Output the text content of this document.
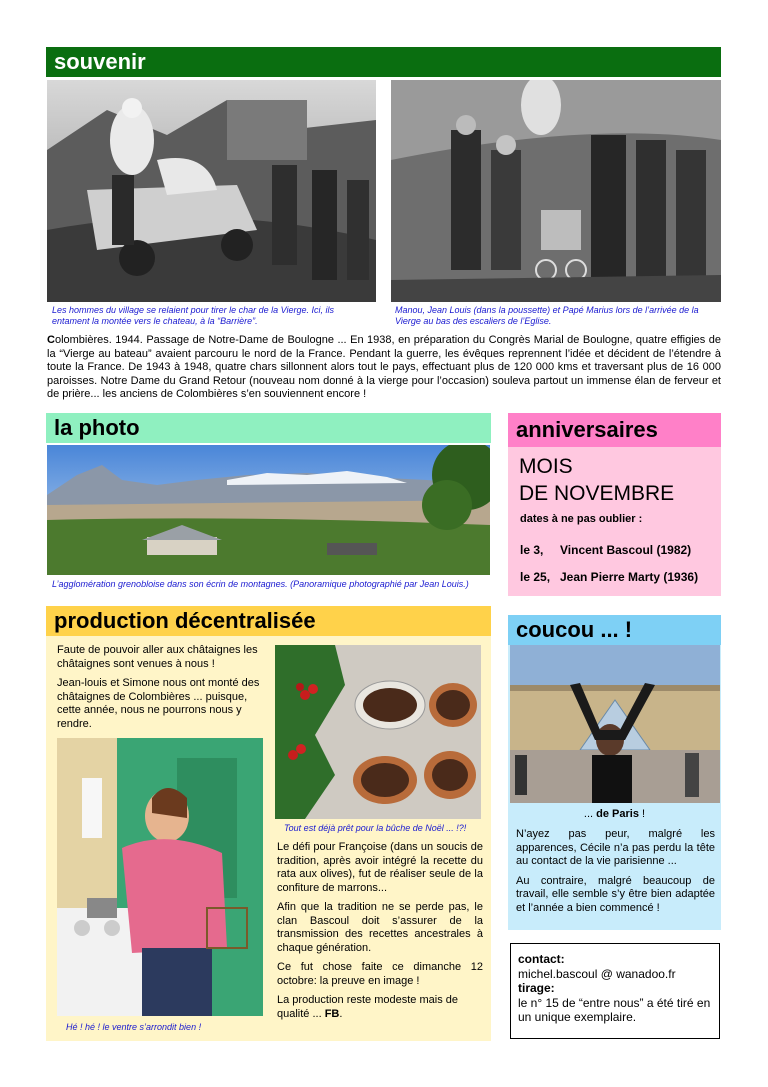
souvenir
Les hommes du village se relaient pour tirer le char de la Vierge. Ici, ils entament la montée vers le chateau, à la “Barrière”.
Manou, Jean Louis (dans la poussette) et Papé Marius lors de l’arrivée de la Vierge au bas des escaliers de l’Eglise.
Colombières. 1944. Passage de Notre-Dame de Boulogne ... En 1938, en préparation du Congrès Marial de Boulogne, quatre effigies de la “Vierge au bateau” avaient parcouru le nord de la France. Pendant la guerre, les évêques reprennent l’idée et décident de l’étendre à toute la France. De 1943 à 1948, quatre chars sillonnent alors tout le pays, effectuant plus de 120 000 kms et traversant plus de 16 000 paroisses. Notre Dame du Grand Retour (nouveau nom donné à la vierge pour l’occasion) souleva partout un immense élan de ferveur et de prière... les anciens de Colombières s’en souviennent encore !
la photo
L’agglomération grenobloise dans son écrin de montagnes. (Panoramique photographié par Jean Louis.)
anniversaires
MOIS
DE NOVEMBRE
dates à ne pas oublier :
le 3, Vincent Bascoul (1982)
le 25, Jean Pierre Marty (1936)
production décentralisée

Faute de pouvoir aller aux châtaignes les châtaignes sont venues à nous !

Jean-louis et Simone nous ont monté des châtaignes de Colombières ... puisque, cette année, nous ne pourrons nous y rendre.

Tout est déjà prêt pour la bûche de Noël ... !?!
Hé ! hé ! le ventre s’arrondit bien !

Le défi pour Françoise (dans un soucis de tradition, après avoir intégré la recette du rata aux olives), fut de réaliser seule de la confiture de marrons...

Afin que la tradition ne se perde pas, le clan Bascoul doit s’assurer de la transmission des recettes ancestrales à chaque génération.

Ce fut chose faite ce dimanche 12 octobre: la preuve en image !

La production reste modeste mais de qualité ... FB.

coucou ... !
... de Paris !

N’ayez pas peur, malgré les apparences, Cécile n’a pas perdu la tête au contact de la vie parisienne ...

Au contraire, malgré beaucoup de travail, elle semble s’y être bien adaptée et l’année a bien commencé !

contact:
michel.bascoul @ wanadoo.fr
tirage:
le n° 15 de “entre nous” a été tiré en un unique exemplaire.
